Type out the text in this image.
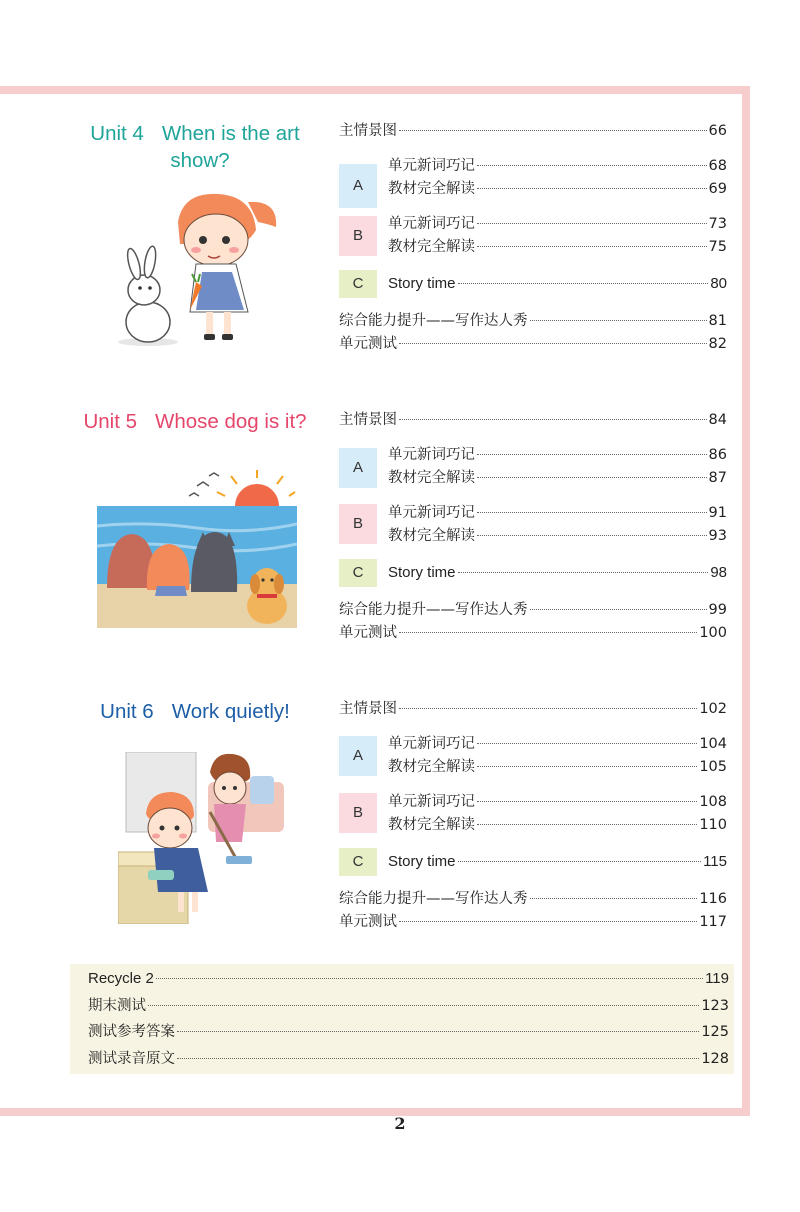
Unit 4 When is the art
show?
主情景图	66
A
单元新词巧记	68
教材完全解读	69
B
单元新词巧记	73
教材完全解读	75
C	Story time	80
综合能力提升——写作达人秀	81
单元测试	82
Unit 5 Whose dog is it?	主情景图	84
A
单元新词巧记	86
教材完全解读	87
B
单元新词巧记	91
教材完全解读	93
C	Story time	98
综合能力提升——写作达人秀	99
单元测试	100
Unit 6 Work quietly!	主情景图	102
A
单元新词巧记	104
教材完全解读	105
B
单元新词巧记	108
教材完全解读	110
C	Story time	115
综合能力提升——写作达人秀	116
单元测试	117
Recycle 2	119
期末测试	123
测试参考答案	125
测试录音原文	128
2
